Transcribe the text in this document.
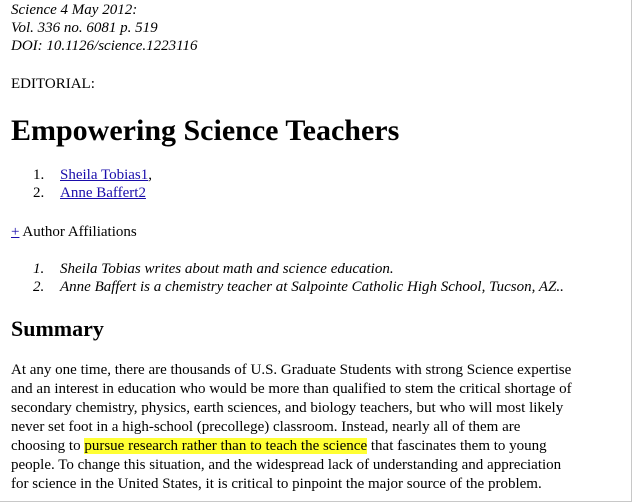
Science 4 May 2012:
Vol. 336 no. 6081 p. 519
DOI: 10.1126/science.1223116
EDITORIAL:
Empowering Science Teachers
1. Sheila Tobias1,
2. Anne Baffert2
+ Author Affiliations
1. Sheila Tobias writes about math and science education.
2. Anne Baffert is a chemistry teacher at Salpointe Catholic High School, Tucson, AZ..
Summary

At any one time, there are thousands of U.S. Graduate Students with strong Science expertise
and an interest in education who would be more than qualified to stem the critical shortage of
secondary chemistry, physics, earth sciences, and biology teachers, but who will most likely
never set foot in a high-school (precollege) classroom. Instead, nearly all of them are
choosing to pursue research rather than to teach the science that fascinates them to young
people. To change this situation, and the widespread lack of understanding and appreciation
for science in the United States, it is critical to pinpoint the major source of the problem.
